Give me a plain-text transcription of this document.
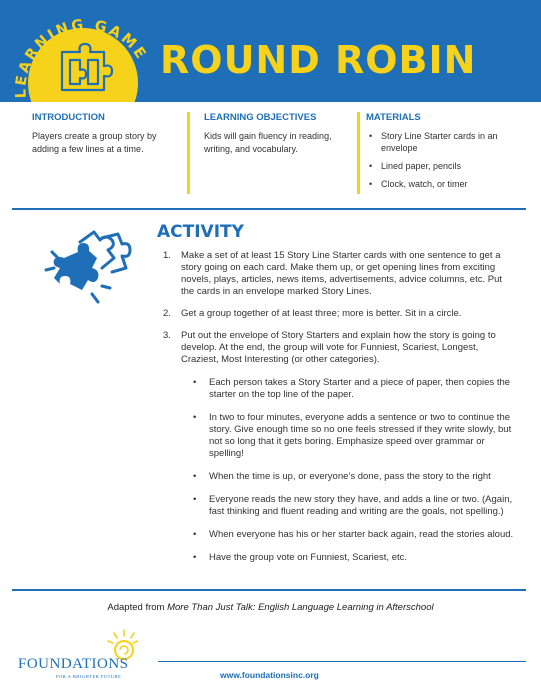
LEARNING GAME ROUND ROBIN
INTRODUCTION

Players create a group story by adding a few lines at a time.

LEARNING OBJECTIVES

Kids will gain fluency in reading, writing, and vocabulary.

MATERIALS
• Story Line Starter cards in an envelope
• Lined paper, pencils
• Clock, watch, or timer
ACTIVITY
1. Make a set of at least 15 Story Line Starter cards with one sentence to get a story going on each card. Make them up, or get opening lines from exciting novels, plays, articles, news items, advertisements, advice columns, etc. Put the cards in an envelope marked Story Lines.
2. Get a group together of at least three; more is better. Sit in a circle.
3. Put out the envelope of Story Starters and explain how the story is going to develop. At the end, the group will vote for Funniest, Scariest, Longest, Craziest, Most Interesting (or other categories).
• Each person takes a Story Starter and a piece of paper, then copies the starter on the top line of the paper.
• In two to four minutes, everyone adds a sentence or two to continue the story. Give enough time so no one feels stressed if they write slowly, but not so long that it gets boring. Emphasize speed over grammar or spelling!
• When the time is up, or everyone’s done, pass the story to the right
• Everyone reads the new story they have, and adds a line or two. (Again, fast thinking and fluent reading and writing are the goals, not spelling.)
• When everyone has his or her starter back again, read the stories aloud.
• Have the group vote on Funniest, Scariest, etc.
Adapted from More Than Just Talk: English Language Learning in Afterschool
FOUNDATIONS
FOR A BRIGHTER FUTURE	www.foundationsinc.org
